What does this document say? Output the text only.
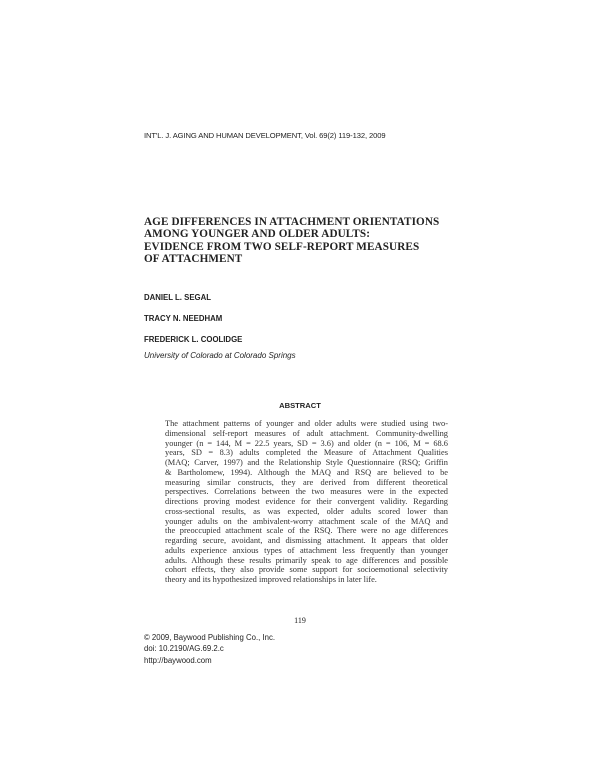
INT'L. J. AGING AND HUMAN DEVELOPMENT, Vol. 69(2) 119-132, 2009
AGE DIFFERENCES IN ATTACHMENT ORIENTATIONS
AMONG YOUNGER AND OLDER ADULTS:
EVIDENCE FROM TWO SELF-REPORT MEASURES
OF ATTACHMENT
DANIEL L. SEGAL
TRACY N. NEEDHAM
FREDERICK L. COOLIDGE
University of Colorado at Colorado Springs
ABSTRACT
The attachment patterns of younger and older adults were studied using two-
dimensional self-report measures of adult attachment. Community-dwelling
younger (n = 144, M = 22.5 years, SD = 3.6) and older (n = 106, M = 68.6
years, SD = 8.3) adults completed the Measure of Attachment Qualities
(MAQ; Carver, 1997) and the Relationship Style Questionnaire (RSQ; Griffin
& Bartholomew, 1994). Although the MAQ and RSQ are believed to be
measuring similar constructs, they are derived from different theoretical
perspectives. Correlations between the two measures were in the expected
directions proving modest evidence for their convergent validity. Regarding
cross-sectional results, as was expected, older adults scored lower than
younger adults on the ambivalent-worry attachment scale of the MAQ and
the preoccupied attachment scale of the RSQ. There were no age differences
regarding secure, avoidant, and dismissing attachment. It appears that older
adults experience anxious types of attachment less frequently than younger
adults. Although these results primarily speak to age differences and possible
cohort effects, they also provide some support for socioemotional selectivity
theory and its hypothesized improved relationships in later life.
119
© 2009, Baywood Publishing Co., Inc.
doi: 10.2190/AG.69.2.c
http://baywood.com
